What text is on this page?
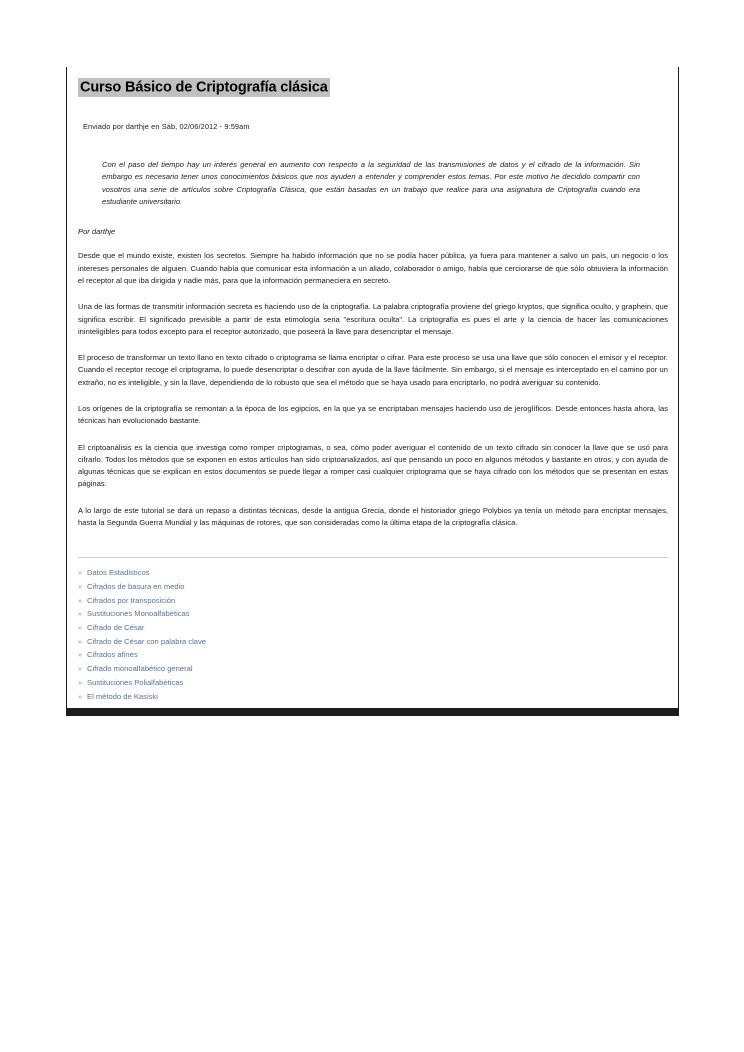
Curso Básico de Criptografía clásica
Enviado por darthje en Sáb, 02/06/2012 - 9:59am
Con el paso del tiempo hay un interés general en aumento con respecto a la seguridad de las transmisiones de datos y el cifrado de la información. Sin embargo es necesario tener unos conocimientos básicos que nos ayuden a entender y comprender estos temas. Por este motivo he decidido compartir con vosotros una serie de artículos sobre Criptografía Clásica, que están basadas en un trabajo que realice para una asignatura de Criptografía cuando era estudiante universitario.
Por darthje

Desde que el mundo existe, existen los secretos. Siempre ha habido información que no se podía hacer pública, ya fuera para mantener a salvo un país, un negocio o los intereses personales de alguien. Cuando había que comunicar esta información a un aliado, colaborador o amigo, había que cerciorarse de que sólo obtuviera la información el receptor al que iba dirigida y nadie más, para que la información permaneciera en secreto.

Una de las formas de transmitir información secreta es haciendo uso de la criptografía. La palabra criptografía proviene del griego kryptos, que significa oculto, y graphein, que significa escribir. El significado previsible a partir de esta etimología seria "escritura oculta". La criptografía es pues el arte y la ciencia de hacer las comunicaciones ininteligibles para todos excepto para el receptor autorizado, que poseerá la llave para desencriptar el mensaje.

El proceso de transformar un texto llano en texto cifrado o criptograma se llama encriptar o cifrar. Para este proceso se usa una llave que sólo conocen el emisor y el receptor. Cuando el receptor recoge el criptograma, lo puede desencriptar o descifrar con ayuda de la llave fácilmente. Sin embargo, si el mensaje es interceptado en el camino por un extraño, no es inteligible, y sin la llave, dependiendo de lo robusto que sea el método que se haya usado para encriptarlo, no podrá averiguar su contenido.

Los orígenes de la criptografía se remontan a la época de los egipcios, en la que ya se encriptaban mensajes haciendo uso de jeroglíficos. Desde entonces hasta ahora, las técnicas han evolucionado bastante.

El criptoanálisis es la ciencia que investiga como romper criptogramas, o sea, cómo poder averiguar el contenido de un texto cifrado sin conocer la llave que se usó para cifrarlo. Todos los métodos que se exponen en estos artículos han sido criptoanalizados, así que pensando un poco en algunos métodos y bastante en otros, y con ayuda de algunas técnicas que se explican en estos documentos se puede llegar a romper casi cualquier criptograma que se haya cifrado con los métodos que se presentan en estas páginas.

A lo largo de este tutorial se dará un repaso a distintas técnicas, desde la antigua Grecia, donde el historiador griego Polybios ya tenía un método para encriptar mensajes, hasta la Segunda Guerra Mundial y las máquinas de rotores, que son consideradas como la última etapa de la criptografía clásica.

» Datos Estadisticos
» Cifrados de basura en medio
» Cifrados por transposición
» Sustituciones Monoalfabéticas
» Cifrado de César
» Cifrado de César con palabra clave
» Cifrados afines
» Cifrado monoalfabético general
» Sustituciones Polialfabéticas
» El método de Kasiski
